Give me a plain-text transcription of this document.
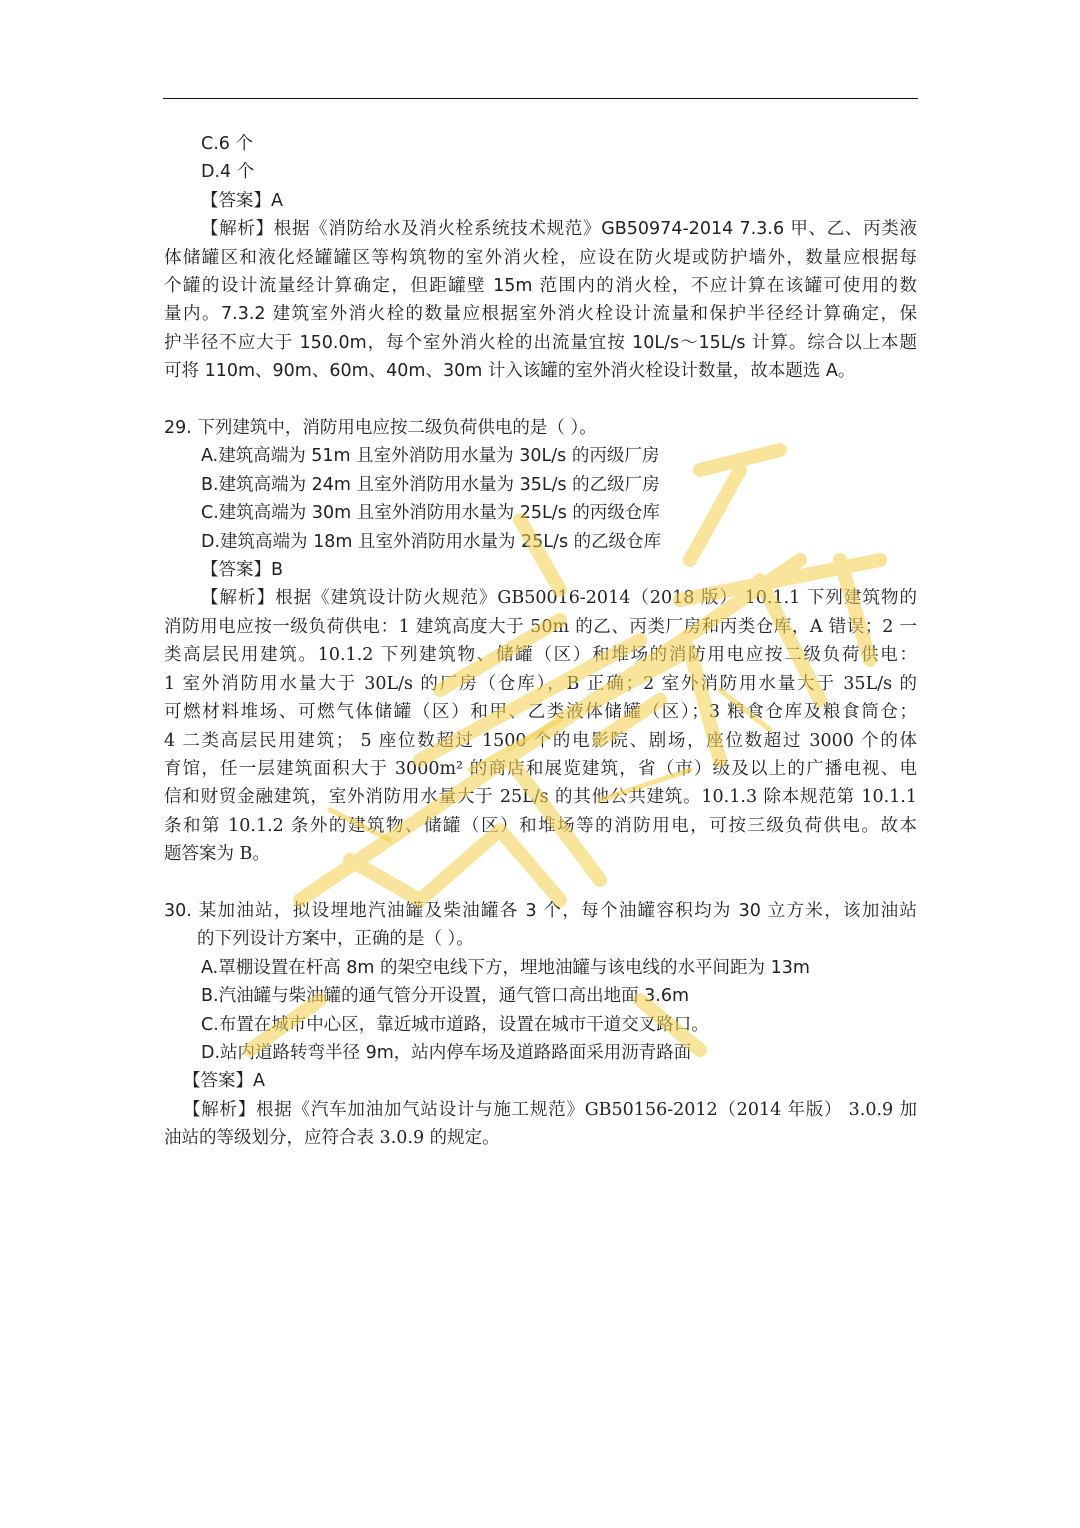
C.6 个
D.4 个
【答案】A
【解析】根据《消防给水及消火栓系统技术规范》GB50974-2014 7.3.6 甲、乙、丙类液
体储罐区和液化烃罐罐区等构筑物的室外消火栓，应设在防火堤或防护墙外，数量应根据每
个罐的设计流量经计算确定，但距罐壁 15m 范围内的消火栓，不应计算在该罐可使用的数
量内。7.3.2 建筑室外消火栓的数量应根据室外消火栓设计流量和保护半径经计算确定，保
护半径不应大于 150.0m，每个室外消火栓的出流量宜按 10L/s～15L/s 计算。综合以上本题
可将 110m、90m、60m、40m、30m 计入该罐的室外消火栓设计数量，故本题选 A。
29. 下列建筑中，消防用电应按二级负荷供电的是（ ）。
A.建筑高端为 51m 且室外消防用水量为 30L/s 的丙级厂房
B.建筑高端为 24m 且室外消防用水量为 35L/s 的乙级厂房
C.建筑高端为 30m 且室外消防用水量为 25L/s 的丙级仓库
D.建筑高端为 18m 且室外消防用水量为 25L/s 的乙级仓库
【答案】B
【解析】根据《建筑设计防火规范》GB50016-2014（2018 版） 10.1.1 下列建筑物的
消防用电应按一级负荷供电：1 建筑高度大于 50m 的乙、丙类厂房和丙类仓库，A 错误；2 一
类高层民用建筑。10.1.2 下列建筑物、储罐（区）和堆场的消防用电应按二级负荷供电：
1 室外消防用水量大于 30L/s 的厂房（仓库），B 正确；2 室外消防用水量大于 35L/s 的
可燃材料堆场、可燃气体储罐（区）和甲、乙类液体储罐（区）；3 粮食仓库及粮食筒仓；
4 二类高层民用建筑； 5 座位数超过 1500 个的电影院、剧场，座位数超过 3000 个的体
育馆，任一层建筑面积大于 3000m² 的商店和展览建筑，省（市）级及以上的广播电视、电
信和财贸金融建筑，室外消防用水量大于 25L/s 的其他公共建筑。10.1.3 除本规范第 10.1.1
条和第 10.1.2 条外的建筑物、储罐（区）和堆场等的消防用电，可按三级负荷供电。故本
题答案为 B。
30. 某加油站，拟设埋地汽油罐及柴油罐各 3 个，每个油罐容积均为 30 立方米，该加油站
的下列设计方案中，正确的是（ ）。
A.罩棚设置在杆高 8m 的架空电线下方，埋地油罐与该电线的水平间距为 13m
B.汽油罐与柴油罐的通气管分开设置，通气管口高出地面 3.6m
C.布置在城市中心区，靠近城市道路，设置在城市干道交叉路口。
D.站内道路转弯半径 9m，站内停车场及道路路面采用沥青路面
【答案】A
【解析】根据《汽车加油加气站设计与施工规范》GB50156-2012（2014 年版） 3.0.9 加
油站的等级划分，应符合表 3.0.9 的规定。
